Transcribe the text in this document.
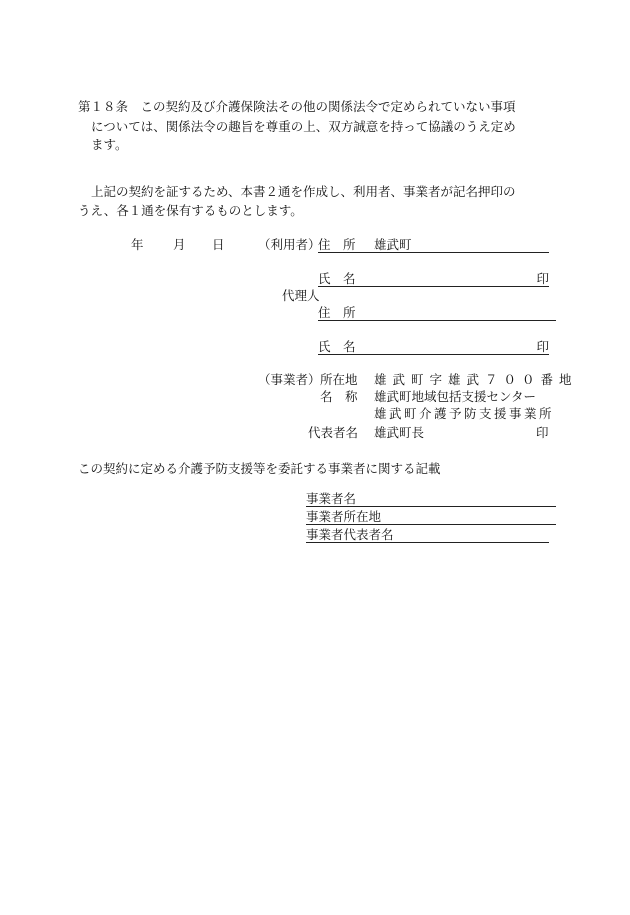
第１８条　この契約及び介護保険法その他の関係法令で定められていない事項
については、関係法令の趣旨を尊重の上、双方誠意を持って協議のうえ定め
ます。
上記の契約を証するため、本書２通を作成し、利用者、事業者が記名押印の
うえ、各１通を保有するものとします。
年 月 日	（利用者）
住　所 雄武町
氏　名	印
代理人
住　所
氏　名	印
（事業者） 所在地 雄武町字雄武７００番地
名　称 雄武町地域包括支援センター
雄武町介護予防支援事業所
代表者名 雄武町長	印
この契約に定める介護予防支援等を委託する事業者に関する記載
事業者名
事業者所在地
事業者代表者名
